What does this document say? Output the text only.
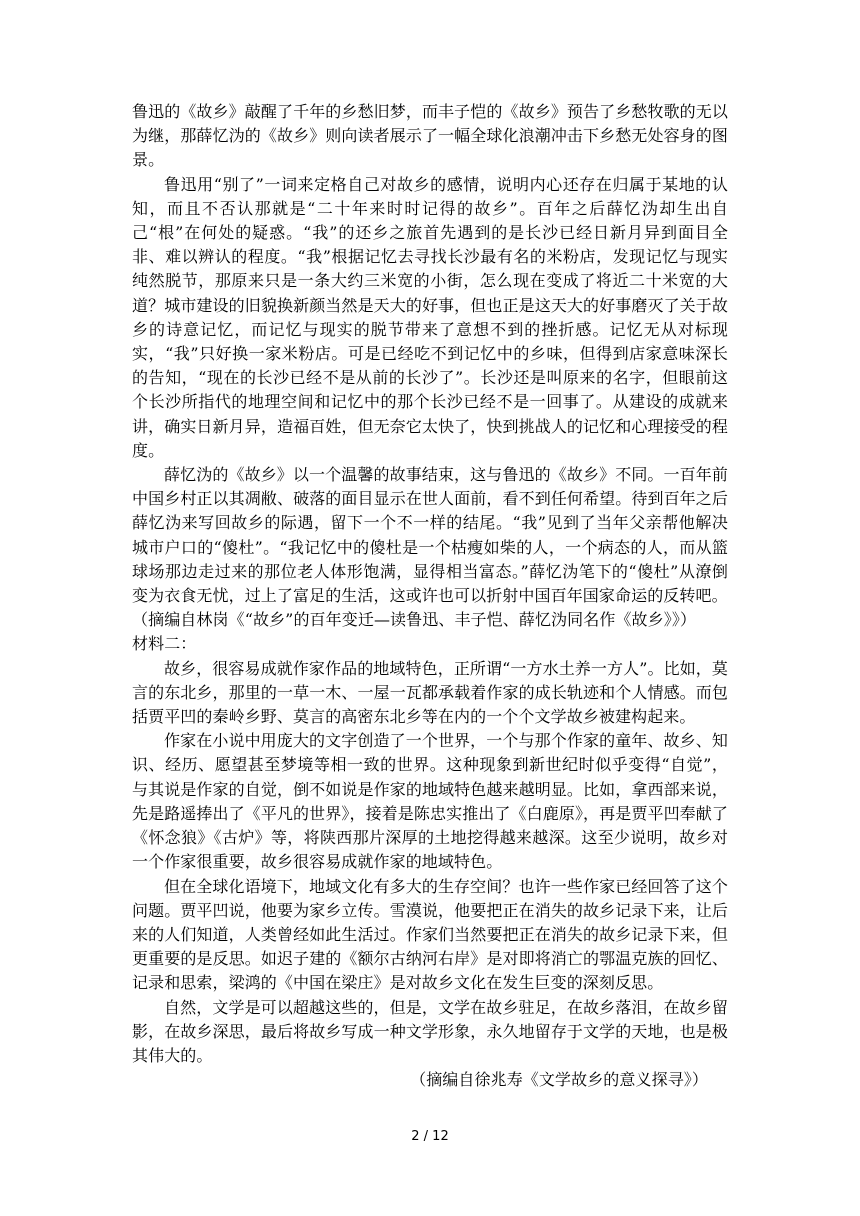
鲁迅的《故乡》敲醒了千年的乡愁旧梦，而丰子恺的《故乡》预告了乡愁牧歌的无以为继，那薛忆沩的《故乡》则向读者展示了一幅全球化浪潮冲击下乡愁无处容身的图景。

鲁迅用“别了”一词来定格自己对故乡的感情，说明内心还存在归属于某地的认知，而且不否认那就是“二十年来时时记得的故乡”。百年之后薛忆沩却生出自己“根”在何处的疑惑。“我”的还乡之旅首先遇到的是长沙已经日新月异到面目全非、难以辨认的程度。“我”根据记忆去寻找长沙最有名的米粉店，发现记忆与现实纯然脱节，那原来只是一条大约三米宽的小街，怎么现在变成了将近二十米宽的大道？城市建设的旧貌换新颜当然是天大的好事，但也正是这天大的好事磨灭了关于故乡的诗意记忆，而记忆与现实的脱节带来了意想不到的挫折感。记忆无从对标现实，“我”只好换一家米粉店。可是已经吃不到记忆中的乡味，但得到店家意味深长的告知，“现在的长沙已经不是从前的长沙了”。长沙还是叫原来的名字，但眼前这个长沙所指代的地理空间和记忆中的那个长沙已经不是一回事了。从建设的成就来讲，确实日新月异，造福百姓，但无奈它太快了，快到挑战人的记忆和心理接受的程度。

薛忆沩的《故乡》以一个温馨的故事结束，这与鲁迅的《故乡》不同。一百年前中国乡村正以其凋敝、破落的面目显示在世人面前，看不到任何希望。待到百年之后薛忆沩来写回故乡的际遇，留下一个不一样的结尾。“我”见到了当年父亲帮他解决城市户口的“傻杜”。“我记忆中的傻杜是一个枯瘦如柴的人，一个病态的人，而从篮球场那边走过来的那位老人体形饱满，显得相当富态。”薛忆沩笔下的“傻杜”从潦倒变为衣食无忧，过上了富足的生活，这或许也可以折射中国百年国家命运的反转吧。

（摘编自林岗《“故乡”的百年变迁—读鲁迅、丰子恺、薛忆沩同名作《故乡》》）

材料二：

故乡，很容易成就作家作品的地域特色，正所谓“一方水土养一方人”。比如，莫言的东北乡，那里的一草一木、一屋一瓦都承载着作家的成长轨迹和个人情感。而包括贾平凹的秦岭乡野、莫言的高密东北乡等在内的一个个文学故乡被建构起来。

作家在小说中用庞大的文字创造了一个世界，一个与那个作家的童年、故乡、知识、经历、愿望甚至梦境等相一致的世界。这种现象到新世纪时似乎变得“自觉”，与其说是作家的自觉，倒不如说是作家的地域特色越来越明显。比如，拿西部来说，先是路遥捧出了《平凡的世界》，接着是陈忠实推出了《白鹿原》，再是贾平凹奉献了《怀念狼》《古炉》等，将陕西那片深厚的土地挖得越来越深。这至少说明，故乡对一个作家很重要，故乡很容易成就作家的地域特色。

但在全球化语境下，地域文化有多大的生存空间？也许一些作家已经回答了这个问题。贾平凹说，他要为家乡立传。雪漠说，他要把正在消失的故乡记录下来，让后来的人们知道，人类曾经如此生活过。作家们当然要把正在消失的故乡记录下来，但更重要的是反思。如迟子建的《额尔古纳河右岸》是对即将消亡的鄂温克族的回忆、记录和思索，梁鸿的《中国在梁庄》是对故乡文化在发生巨变的深刻反思。

自然，文学是可以超越这些的，但是，文学在故乡驻足，在故乡落泪，在故乡留影，在故乡深思，最后将故乡写成一种文学形象，永久地留存于文学的天地，也是极其伟大的。

（摘编自徐兆寿《文学故乡的意义探寻》）

2 / 12
